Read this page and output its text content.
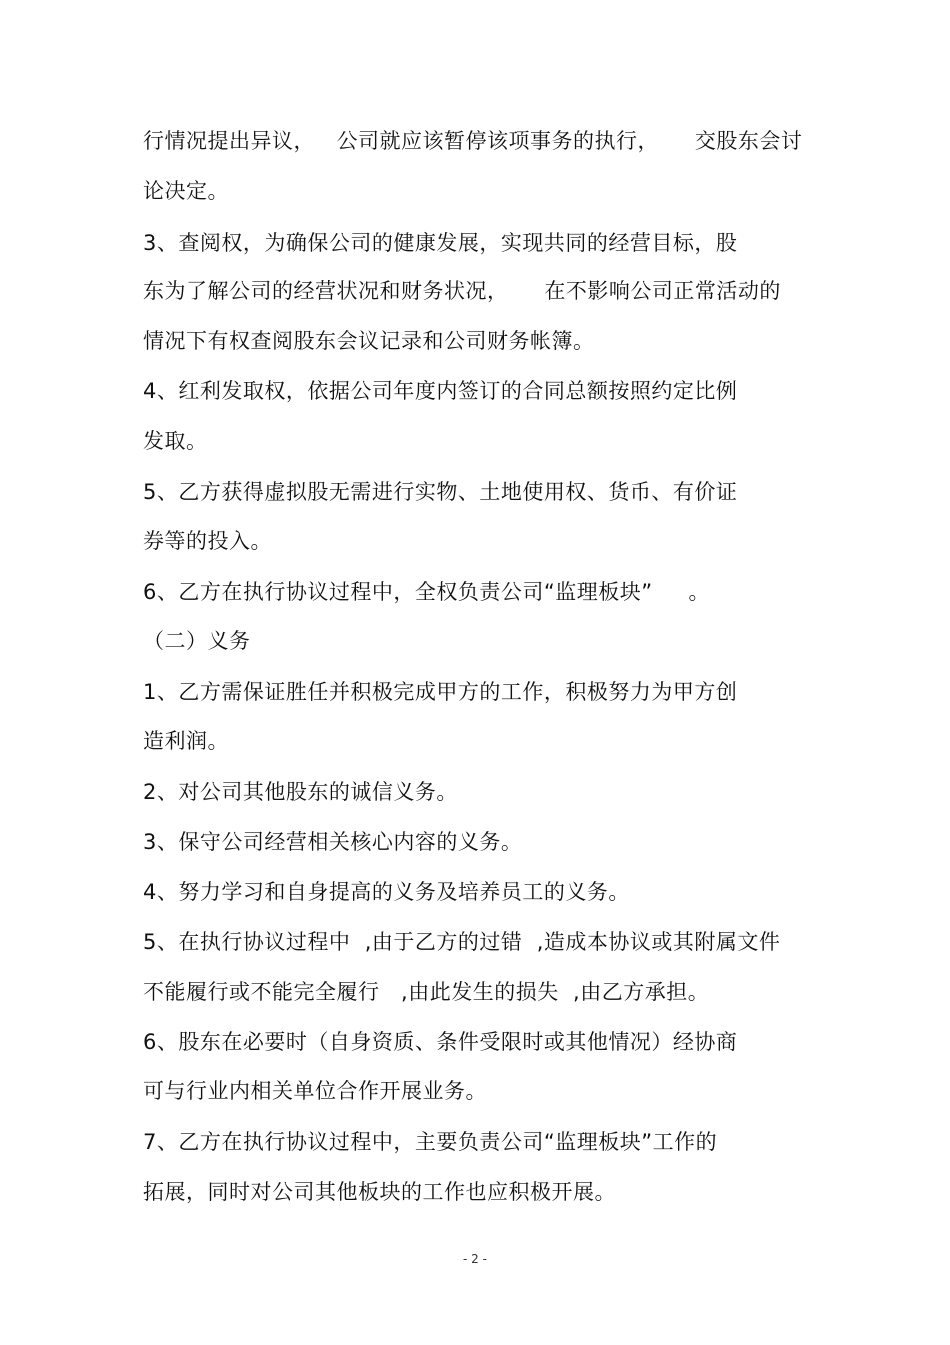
行情况提出异议，   公司就应该暂停该项事务的执行，     交股东会讨
论决定。
3、查阅权，为确保公司的健康发展，实现共同的经营目标，股
东为了解公司的经营状况和财务状况，     在不影响公司正常活动的
情况下有权查阅股东会议记录和公司财务帐簿。
4、红利发取权，依据公司年度内签订的合同总额按照约定比例
发取。
5、乙方获得虚拟股无需进行实物、土地使用权、货币、有价证
券等的投入。
6、乙方在执行协议过程中，全权负责公司“监理板块”     。
（二）义务
1、乙方需保证胜任并积极完成甲方的工作，积极努力为甲方创
造利润。
2、对公司其他股东的诚信义务。
3、保守公司经营相关核心内容的义务。
4、努力学习和自身提高的义务及培养员工的义务。
5、在执行协议过程中  ,由于乙方的过错  ,造成本协议或其附属文件
不能履行或不能完全履行   ,由此发生的损失  ,由乙方承担。
6、股东在必要时（自身资质、条件受限时或其他情况）经协商
可与行业内相关单位合作开展业务。
7、乙方在执行协议过程中，主要负责公司“监理板块”工作的
拓展，同时对公司其他板块的工作也应积极开展。
- 2 -
